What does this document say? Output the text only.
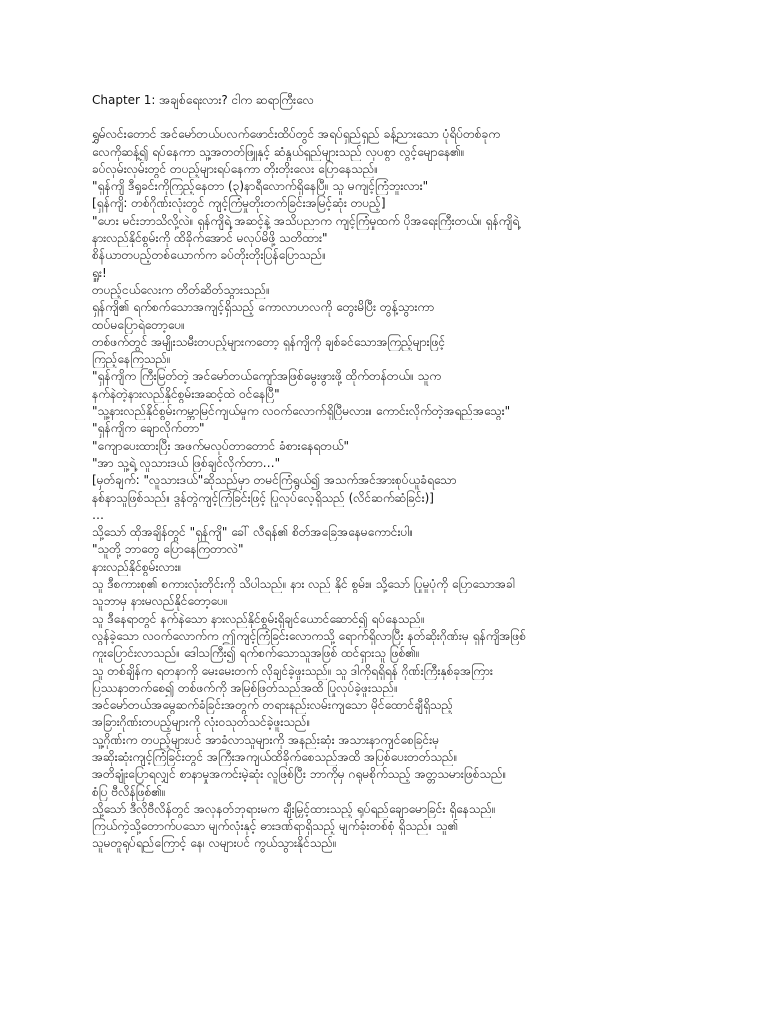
Chapter 1: အချစ်ရေးလား? ငါက ဆရာကြီးလေ
ရွှမ်လင်းတောင် အင်မော်တယ်ပလက်ဖောင်းထိပ်တွင် အရပ်ရှည်ရှည် ခန့်ညားသော ပုံရိပ်တစ်ခုက
လေကိုဆန့်၍ ရပ်နေကာ သူ့အတတ်ဖြူနှင့် ဆံနွယ်ရှည်များသည် လှပစွာ လွင့်မျောနေ၏။
ခပ်လှမ်းလှမ်းတွင် တပည့်များရပ်နေကာ တိုးတိုးလေး ပြောနေသည်။
"ရှန်ကျိ ဒီရှုခင်းကိုကြည့်နေတာ (၃)နာရီလောက်ရှိနေပြီ။ သူ မကျင့်ကြံဘူးလား"
[ရှန်ကျိ: တစ်ဂိုဏ်းလုံးတွင် ကျင့်ကြံမှုတိုးတက်ခြင်းအမြင့်ဆုံး တပည့်]
"ဟေး မင်းဘာသိလို့လဲ။ ရှန်ကျိရဲ့ အဆင့်နဲ့ အသိပညာက ကျင့်ကြံမှုထက် ပိုအရေးကြီးတယ်။ ရှန်ကျိရဲ့
နားလည်နိုင်စွမ်းကို ထိခိုက်အောင် မလုပ်မိဖို့ သတိထား"
စိန်ယာတပည့်တစ်ယောက်က ခပ်တိုးတိုးပြန်ပြောသည်။
ရှူး!
တပည့်ငယ်လေးက တိတ်ဆိတ်သွားသည်။
ရှန်ကျိ၏ ရက်စက်သောအကျင့်ရှိသည့် ကောလာဟလကို တွေးမိပြီး တွန့်သွားကာ
ထပ်မပြောရဲတော့ပေ။
တစ်ဖက်တွင် အမျိုးသမီးတပည့်များကတော့ ရှန်ကျိကို ချစ်ခင်သောအကြည့်များဖြင့်
ကြည့်နေကြသည်။
"ရှန်ကျိက ကြီးမြတ်တဲ့ အင်မော်တယ်ကျော်အဖြစ်မွေးဖွားဖို့ ထိုက်တန်တယ်။ သူက
နက်နဲတဲ့နားလည်နိုင်စွမ်းအဆင့်ထဲ ဝင်နေပြီ"
"သူ့နားလည်နိုင်စွမ်းကမ္ဘာမြင်ကျယ်မှုက လဝက်လောက်ရှိပြီမလား။ ကောင်းလိုက်တဲ့အရည်အသွေး"
"ရှန်ကျိက ချောလိုက်တာ"
"ကျောပေးထားပြီး အဖက်မလုပ်တာတောင် ခံစားနေရတယ်"
"အာ သူ့ရဲ့ လူသားဒယ် ဖြစ်ချင်လိုက်တာ…"
[မှတ်ချက်: "လူသားဒယ်"ဆိုသည်မှာ တမင်ကြံရွယ်၍ အသက်အင်အားစုပ်ယူခံရသော
နစ်နာသူဖြစ်သည်။ ဒွန်တွဲကျင့်ကြံခြင်းဖြင့် ပြုလုပ်လေ့ရှိသည် (လိင်ဆက်ဆံခြင်း)]
…
သို့သော် ထိုအချိန်တွင် "ရှန်ကျိ" ခေါ် လီရန်၏ စိတ်အခြေအနေမကောင်းပါ။
"သူတို့ ဘာတွေ ပြောနေကြတာလဲ"
နားလည်နိုင်စွမ်းလား။
သူ ဒီစကားစု၏ စကားလုံးတိုင်းကို သိပါသည်။ နား လည် နိုင် စွမ်း။ သို့သော် ပြုမူပုံကို ပြောသောအခါ
သူဘာမှ နားမလည်နိုင်တော့ပေ။
သူ ဒီနေရာတွင် နက်နဲသော နားလည်နိုင်စွမ်းရှိချင်ယောင်ဆောင်၍ ရပ်နေသည်။
လွန်ခဲ့သော လဝက်လောက်က ဤကျင့်ကြံခြင်းလောကသို့ ရောက်ရှိလာပြီး နတ်ဆိုးဂိုဏ်းမှ ရှန်ကျိအဖြစ်
ကူးပြောင်းလာသည်။ ဒေါသကြီး၍ ရက်စက်သောသူအဖြစ် ထင်ရှားသူ ဖြစ်၏။
သူ တစ်ချိန်က ရတနာကို မေးမေးတက် လိုချင်ခဲ့ဖူးသည်။ သူ ဒါကိုရရှိရန် ဂိုဏ်းကြီးနှစ်ခုအကြား
ပြဿနာတက်စေ၍ တစ်ဖက်ကို အမြစ်ဖြတ်သည်အထိ ပြုလုပ်ခဲ့ဖူးသည်။
အင်မော်တယ်အမွေဆက်ခံခြင်းအတွက် တရားနည်းလမ်းကျသော မိုင်ထောင်ချီရှိသည့်
အခြားဂိုဏ်းတပည့်များကို လုံးဝသုတ်သင်ခဲ့ဖူးသည်။
သူ့ဂိုဏ်းက တပည့်များပင် အာခံလာသူများကို အနည်းဆုံး အသားနာကျင်စေခြင်းမှ
အဆိုးဆုံးကျင့်ကြံခြင်းတွင် အကြီးအကျယ်ထိခိုက်စေသည်အထိ အပြစ်ပေးတတ်သည်။
အတိချုံးပြောရလျှင် စာနာမှုအကင်းမဲ့ဆုံး လူဖြစ်ပြီး ဘာကိုမှ ဂရုမစိုက်သည့် အတ္တသမားဖြစ်သည်။
စံပြ ဗီလိန်ဖြစ်၏။
သို့သော် ဒီလိုဗီလိန်တွင် အလှနတ်ဘုရားမက ချီးမြှင့်ထားသည့် ရုပ်ရည်ချောမောခြင်း ရှိနေသည်။
ကြယ်ကဲ့သို့တောက်ပသော မျက်လုံးနှင့် ဓားဒဏ်ရာရှိသည့် မျက်ခုံးတစ်စုံ ရှိသည်။ သူ၏
သူမတူရုပ်ရည်ကြောင့် နေ၊ လများပင် ကွယ်သွားနိုင်သည်။
